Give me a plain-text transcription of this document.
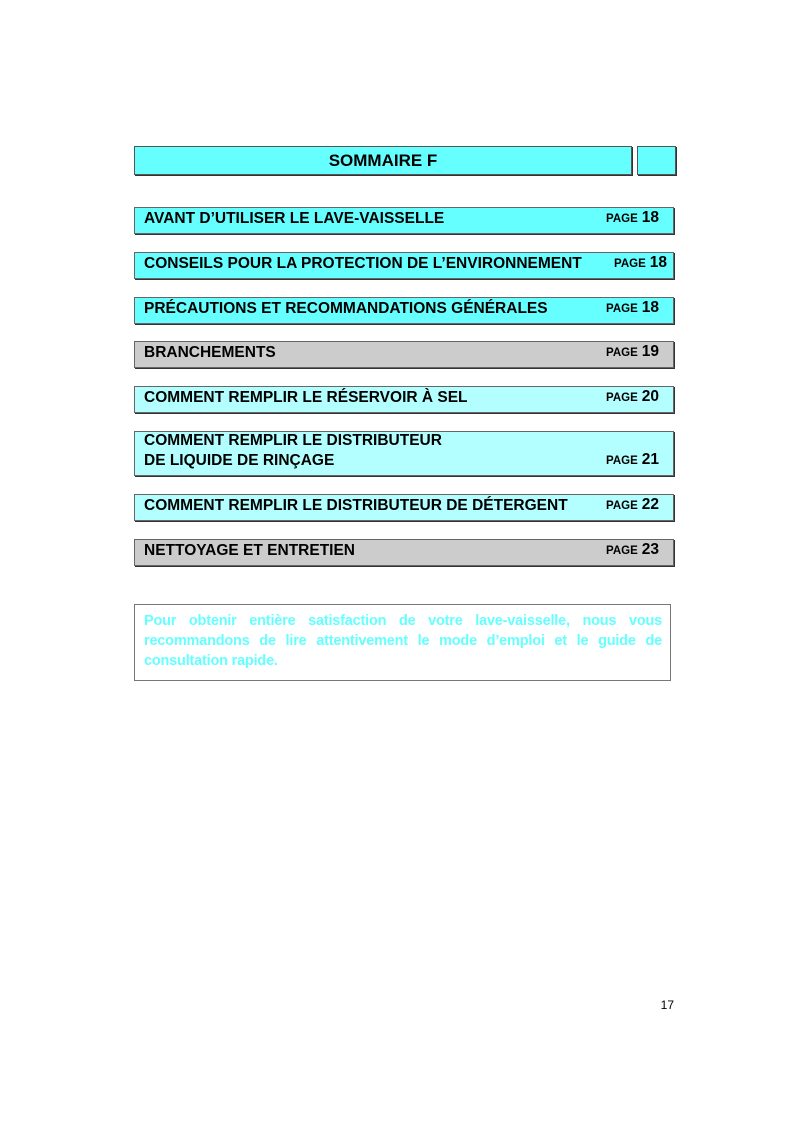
SOMMAIRE F
AVANT D’UTILISER LE LAVE-VAISSELLE	PAGE 18
CONSEILS POUR LA PROTECTION DE L’ENVIRONNEMENT	PAGE 18
PRÉCAUTIONS ET RECOMMANDATIONS GÉNÉRALES	PAGE 18
BRANCHEMENTS	PAGE 19
COMMENT REMPLIR LE RÉSERVOIR À SEL	PAGE 20
COMMENT REMPLIR LE DISTRIBUTEUR
DE LIQUIDE DE RINÇAGE	PAGE 21
COMMENT REMPLIR LE DISTRIBUTEUR DE DÉTERGENT	PAGE 22
NETTOYAGE ET ENTRETIEN	PAGE 23
Pour obtenir entière satisfaction de votre lave-vaisselle, nous vous recommandons de lire attentivement le mode d’emploi et le guide de consultation rapide.
17
